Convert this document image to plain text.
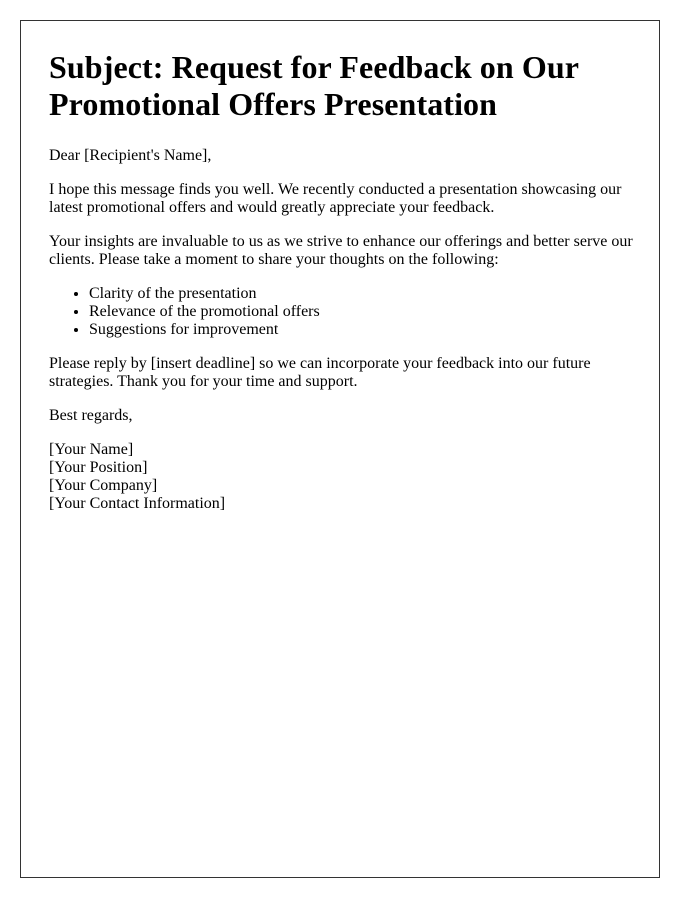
Subject: Request for Feedback on Our Promotional Offers Presentation

Dear [Recipient's Name],

I hope this message finds you well. We recently conducted a presentation showcasing our latest promotional offers and would greatly appreciate your feedback.

Your insights are invaluable to us as we strive to enhance our offerings and better serve our clients. Please take a moment to share your thoughts on the following:

• Clarity of the presentation
• Relevance of the promotional offers
• Suggestions for improvement

Please reply by [insert deadline] so we can incorporate your feedback into our future strategies. Thank you for your time and support.

Best regards,

[Your Name]
[Your Position]
[Your Company]
[Your Contact Information]
